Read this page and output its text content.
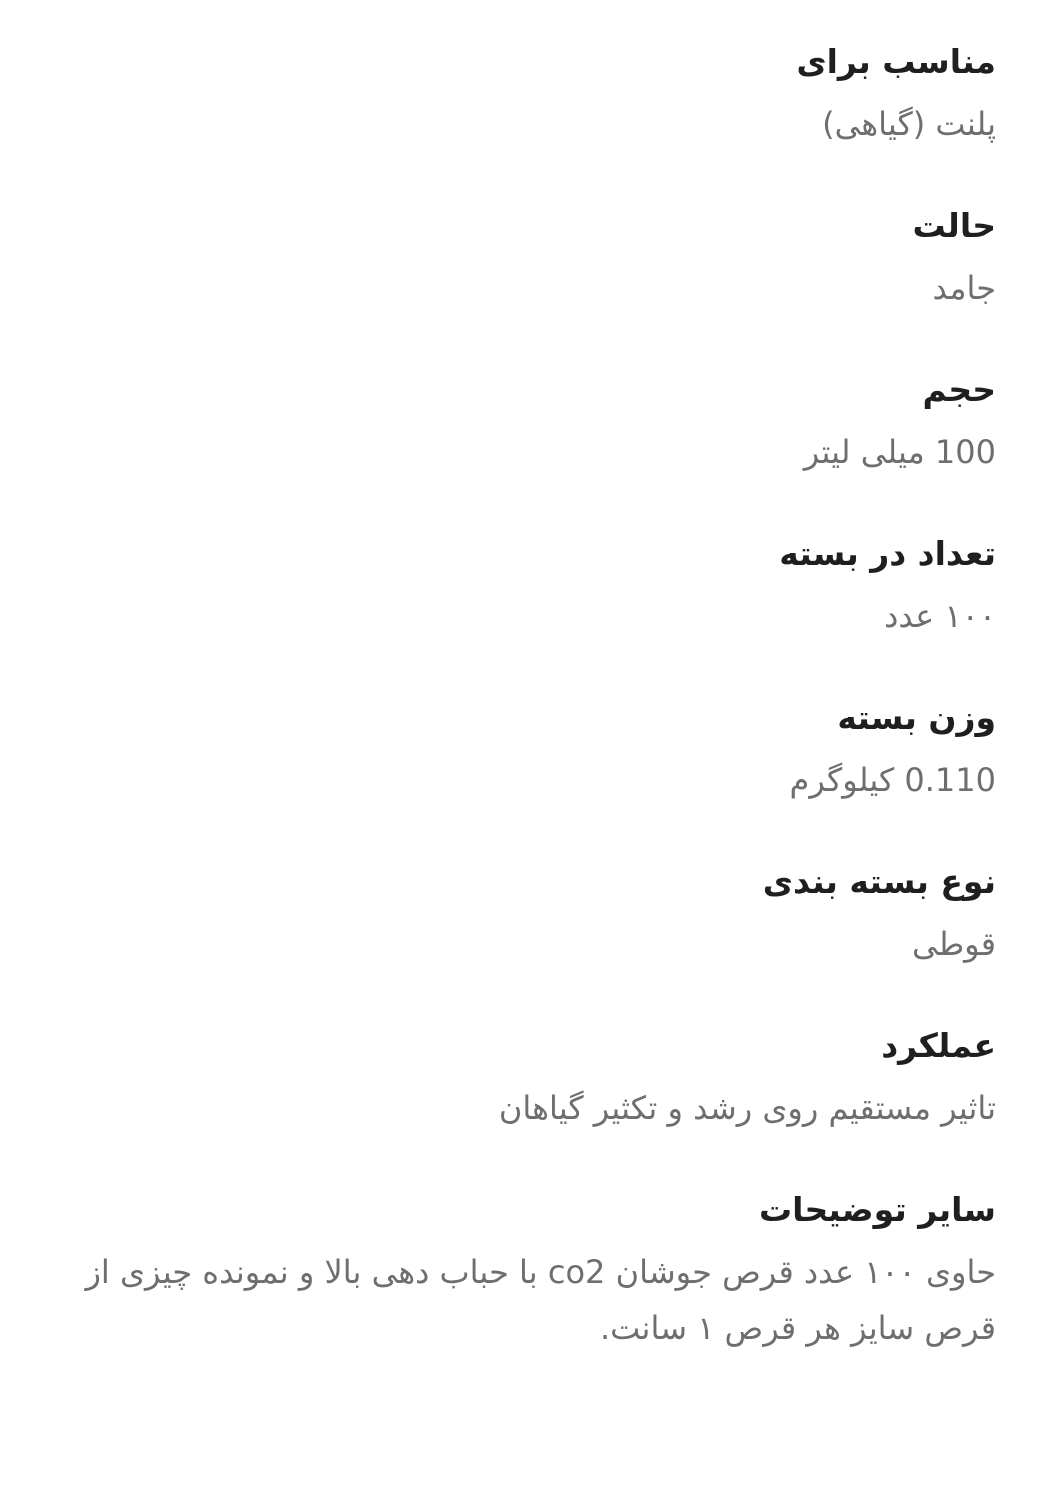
مناسب برای
پلنت (گیاهی)
حالت
جامد
حجم
100 میلی لیتر
تعداد در بسته
۱۰۰ عدد
وزن بسته
0.110 کیلوگرم
نوع بسته بندی
قوطی
عملکرد
تاثیر مستقیم روی رشد و تکثیر گیاهان
سایر توضیحات
حاوی ۱۰۰ عدد قرص جوشان co2 با حباب دهی بالا و نمونده چیزی از قرص سایز هر قرص ۱ سانت.
